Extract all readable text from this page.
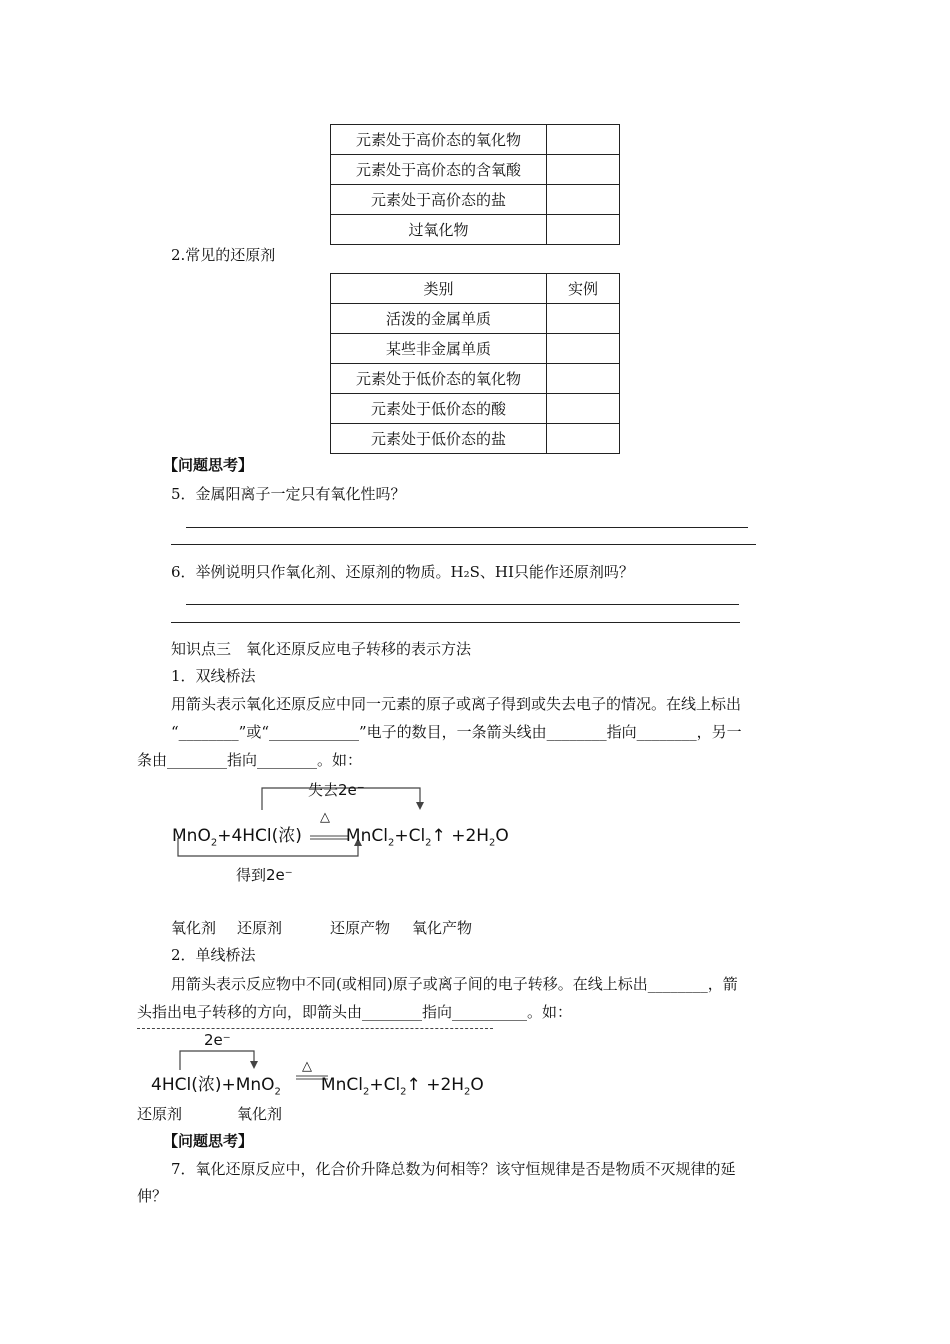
元素处于高价态的氧化物	
元素处于高价态的含氧酸	
元素处于高价态的盐	
过氧化物	
2.常见的还原剂
类别	实例
活泼的金属单质	
某些非金属单质	
元素处于低价态的氧化物	
元素处于低价态的酸	
元素处于低价态的盐	
【问题思考】
5．金属阳离子一定只有氧化性吗？
6．举例说明只作氧化剂、还原剂的物质。H₂S、HI只能作还原剂吗？
知识点三　氧化还原反应电子转移的表示方法
1．双线桥法
用箭头表示氧化还原反应中同一元素的原子或离子得到或失去电子的情况。在线上标出
“________”或“____________”电子的数目，一条箭头线由________指向________，另一
条由________指向________。如：
失去2e⁻
△
MnO$_2$+4HCl(浓)	$MnCl_2+Cl_2↑ +2H_2O$
得到2e⁻
氧化剂 还原剂	还原产物 氧化产物
2．单线桥法
用箭头表示反应物中不同(或相同)原子或离子间的电子转移。在线上标出________，箭
头指出电子转移的方向，即箭头由________指向__________。如：
2e⁻
△
4HCl(浓)+MnO$_2$ $MnCl_2+Cl_2↑ +2H_2O$
还原剂	氧化剂
【问题思考】
7．氧化还原反应中，化合价升降总数为何相等？该守恒规律是否是物质不灭规律的延
伸？
